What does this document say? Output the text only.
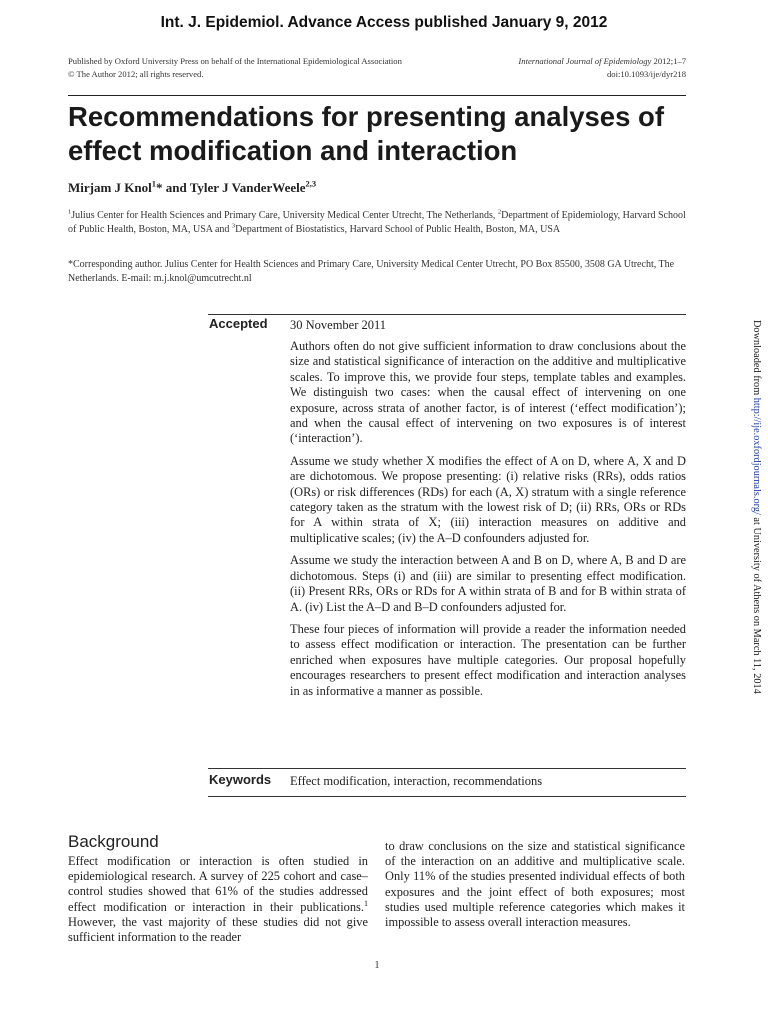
Int. J. Epidemiol. Advance Access published January 9, 2012
Published by Oxford University Press on behalf of the International Epidemiological Association
© The Author 2012; all rights reserved.
International Journal of Epidemiology 2012;1–7
doi:10.1093/ije/dyr218
Recommendations for presenting analyses of effect modification and interaction
Mirjam J Knol$^1$* and Tyler J VanderWeele$^{2,3}$
$^1$Julius Center for Health Sciences and Primary Care, University Medical Center Utrecht, The Netherlands, $^2$Department of Epidemiology, Harvard School of Public Health, Boston, MA, USA and $^3$Department of Biostatistics, Harvard School of Public Health, Boston, MA, USA
*Corresponding author. Julius Center for Health Sciences and Primary Care, University Medical Center Utrecht, PO Box 85500, 3508 GA Utrecht, The Netherlands. E-mail: m.j.knol@umcutrecht.nl
Accepted 30 November 2011

Authors often do not give sufficient information to draw conclusions about the size and statistical significance of interaction on the additive and multiplicative scales. To improve this, we provide four steps, template tables and examples. We distinguish two cases: when the causal effect of intervening on one exposure, across strata of another factor, is of interest (‘effect modification’); and when the causal effect of intervening on two exposures is of interest (‘interaction’).

Assume we study whether X modifies the effect of A on D, where A, X and D are dichotomous. We propose presenting: (i) relative risks (RRs), odds ratios (ORs) or risk differences (RDs) for each (A, X) stratum with a single reference category taken as the stratum with the lowest risk of D; (ii) RRs, ORs or RDs for A within strata of X; (iii) interaction measures on additive and multiplicative scales; (iv) the A–D confounders adjusted for.

Assume we study the interaction between A and B on D, where A, B and D are dichotomous. Steps (i) and (iii) are similar to presenting effect modification. (ii) Present RRs, ORs or RDs for A within strata of B and for B within strata of A. (iv) List the A–D and B–D confounders adjusted for.

These four pieces of information will provide a reader the information needed to assess effect modification or interaction. The presentation can be further enriched when exposures have multiple categories. Our proposal hopefully encourages researchers to present effect modification and interaction analyses in as informative a manner as possible.

Keywords Effect modification, interaction, recommendations
Downloaded from http://ije.oxfordjournals.org/ at University of Athens on March 11, 2014
Background

Effect modification or interaction is often studied in epidemiological research. A survey of 225 cohort and case–control studies showed that 61% of the studies addressed effect modification or interaction in their publications.$^1$ However, the vast majority of these studies did not give sufficient information to the reader

to draw conclusions on the size and statistical significance of the interaction on an additive and multiplicative scale. Only 11% of the studies presented individual effects of both exposures and the joint effect of both exposures; most studies used multiple reference categories which makes it impossible to assess overall interaction measures.

1
